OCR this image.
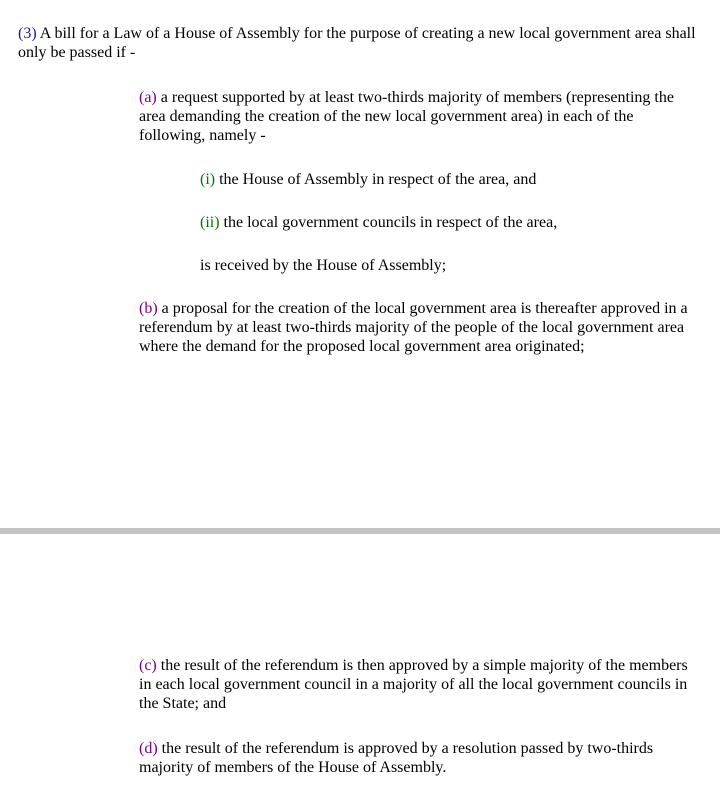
(3) A bill for a Law of a House of Assembly for the purpose of creating a new local government area shall only be passed if -

(a) a request supported by at least two-thirds majority of members (representing the area demanding the creation of the new local government area) in each of the following, namely -

(i) the House of Assembly in respect of the area, and

(ii) the local government councils in respect of the area,

is received by the House of Assembly;

(b) a proposal for the creation of the local government area is thereafter approved in a referendum by at least two-thirds majority of the people of the local government area where the demand for the proposed local government area originated;

(c) the result of the referendum is then approved by a simple majority of the members in each local government council in a majority of all the local government councils in the State; and

(d) the result of the referendum is approved by a resolution passed by two-thirds majority of members of the House of Assembly.
